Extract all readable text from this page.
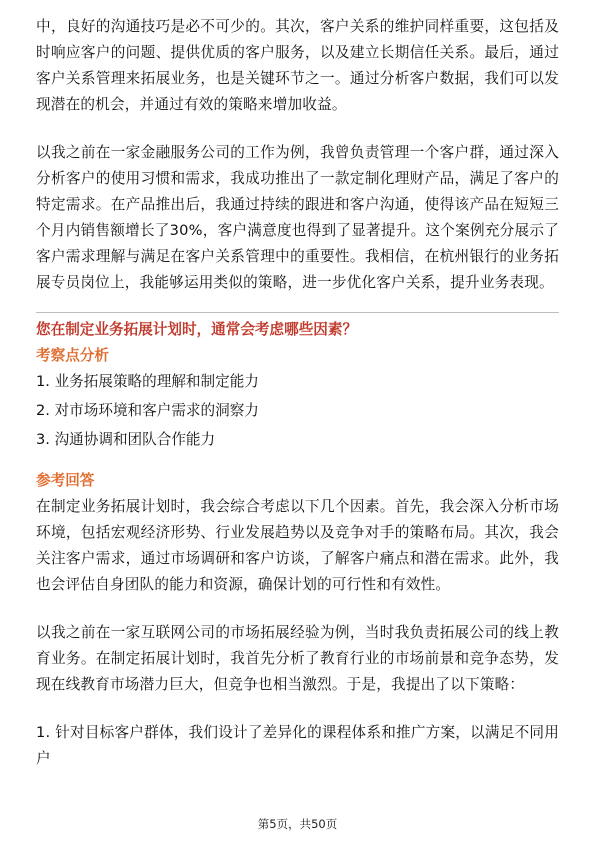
中，良好的沟通技巧是必不可少的。其次，客户关系的维护同样重要，这包括及时响应客户的问题、提供优质的客户服务，以及建立长期信任关系。最后，通过客户关系管理来拓展业务，也是关键环节之一。通过分析客户数据，我们可以发现潜在的机会，并通过有效的策略来增加收益。

以我之前在一家金融服务公司的工作为例，我曾负责管理一个客户群，通过深入分析客户的使用习惯和需求，我成功推出了一款定制化理财产品，满足了客户的特定需求。在产品推出后，我通过持续的跟进和客户沟通，使得该产品在短短三个月内销售额增长了30%，客户满意度也得到了显著提升。这个案例充分展示了客户需求理解与满足在客户关系管理中的重要性。我相信，在杭州银行的业务拓展专员岗位上，我能够运用类似的策略，进一步优化客户关系，提升业务表现。

您在制定业务拓展计划时，通常会考虑哪些因素？

考察点分析

1. 业务拓展策略的理解和制定能力
2. 对市场环境和客户需求的洞察力
3. 沟通协调和团队合作能力

参考回答

在制定业务拓展计划时，我会综合考虑以下几个因素。首先，我会深入分析市场环境，包括宏观经济形势、行业发展趋势以及竞争对手的策略布局。其次，我会关注客户需求，通过市场调研和客户访谈，了解客户痛点和潜在需求。此外，我也会评估自身团队的能力和资源，确保计划的可行性和有效性。

以我之前在一家互联网公司的市场拓展经验为例，当时我负责拓展公司的线上教育业务。在制定拓展计划时，我首先分析了教育行业的市场前景和竞争态势，发现在线教育市场潜力巨大，但竞争也相当激烈。于是，我提出了以下策略：

1. 针对目标客户群体，我们设计了差异化的课程体系和推广方案，以满足不同用户

第5页，共50页
